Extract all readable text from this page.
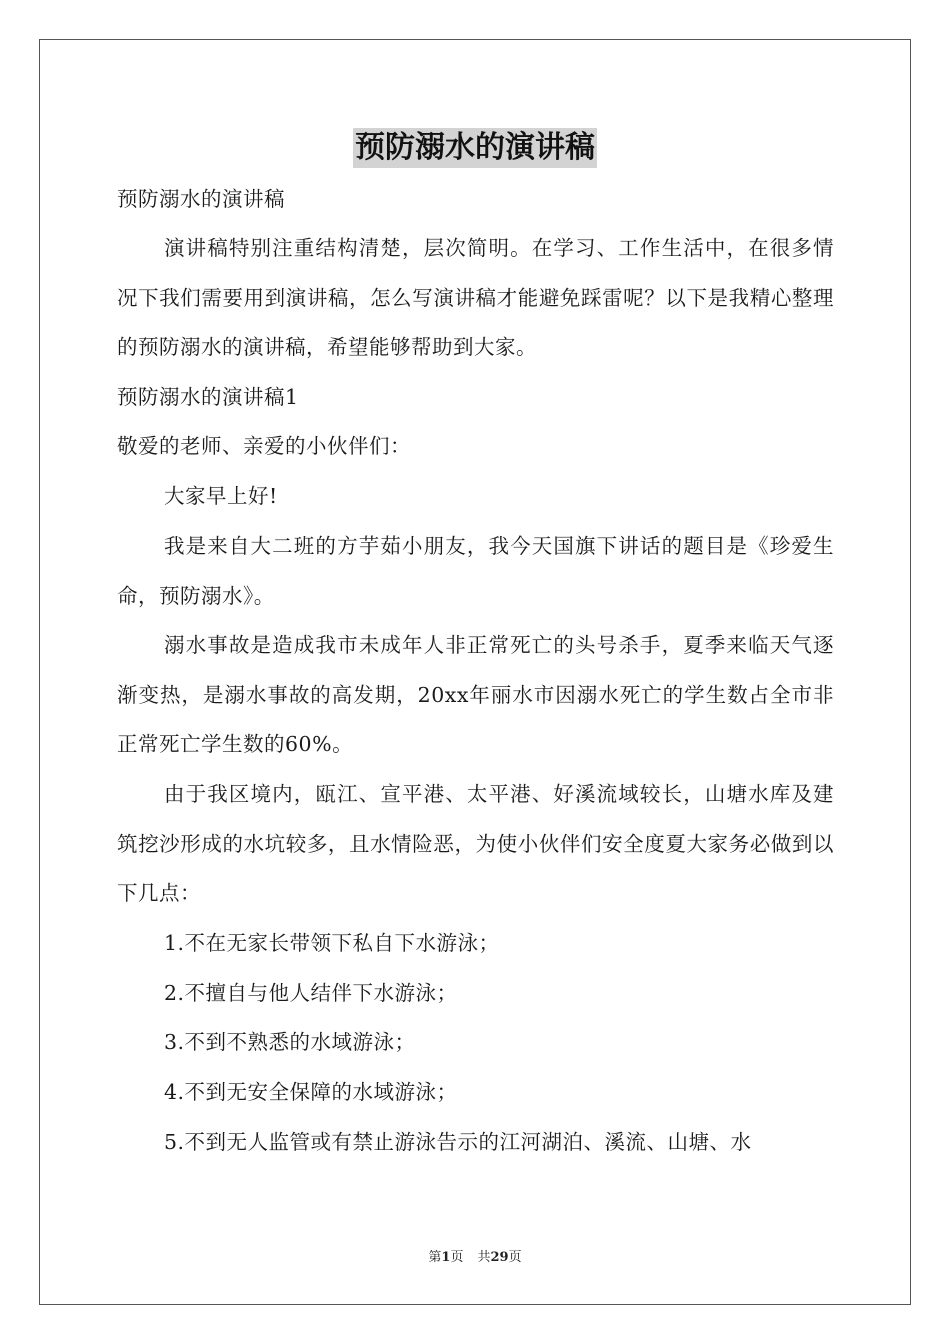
预防溺水的演讲稿

预防溺水的演讲稿

演讲稿特别注重结构清楚，层次简明。在学习、工作生活中，在很多情况下我们需要用到演讲稿，怎么写演讲稿才能避免踩雷呢？以下是我精心整理的预防溺水的演讲稿，希望能够帮助到大家。

预防溺水的演讲稿1

敬爱的老师、亲爱的小伙伴们：

大家早上好!

我是来自大二班的方芋茹小朋友，我今天国旗下讲话的题目是《珍爱生命，预防溺水》。

溺水事故是造成我市未成年人非正常死亡的头号杀手，夏季来临天气逐渐变热，是溺水事故的高发期，20xx年丽水市因溺水死亡的学生数占全市非正常死亡学生数的60%。

由于我区境内，瓯江、宣平港、太平港、好溪流域较长，山塘水库及建筑挖沙形成的水坑较多，且水情险恶，为使小伙伴们安全度夏大家务必做到以下几点：

1.不在无家长带领下私自下水游泳；

2.不擅自与他人结伴下水游泳；

3.不到不熟悉的水域游泳；

4.不到无安全保障的水域游泳；

5.不到无人监管或有禁止游泳告示的江河湖泊、溪流、山塘、水

第1页 共29页
